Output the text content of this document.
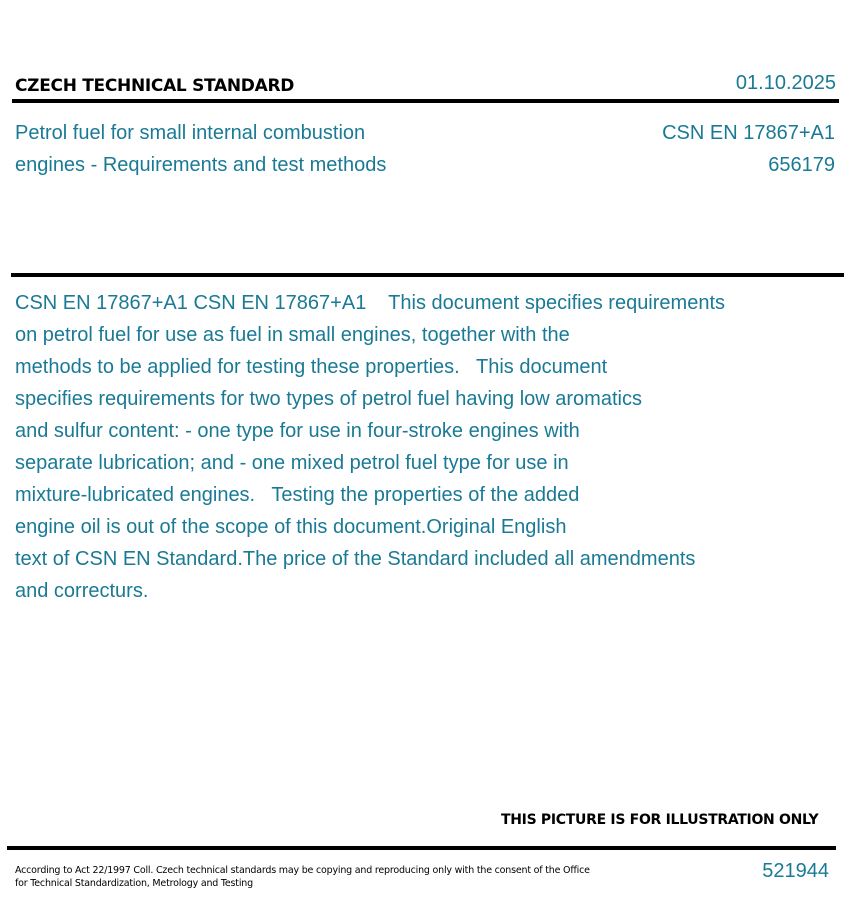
CZECH TECHNICAL STANDARD	01.10.2025
Petrol fuel for small internal combustion
engines - Requirements and test methods
CSN EN 17867+A1
656179

CSN EN 17867+A1 CSN EN 17867+A1    This document specifies requirements
on petrol fuel for use as fuel in small engines, together with the
methods to be applied for testing these properties.   This document
specifies requirements for two types of petrol fuel having low aromatics
and sulfur content: - one type for use in four-stroke engines with
separate lubrication; and - one mixed petrol fuel type for use in
mixture-lubricated engines.   Testing the properties of the added
engine oil is out of the scope of this document.Original English
text of CSN EN Standard.The price of the Standard included all amendments
and correcturs.

THIS PICTURE IS FOR ILLUSTRATION ONLY
According to Act 22/1997 Coll. Czech technical standards may be copying and reproducing only with the consent of the Office
for Technical Standardization, Metrology and Testing
521944
